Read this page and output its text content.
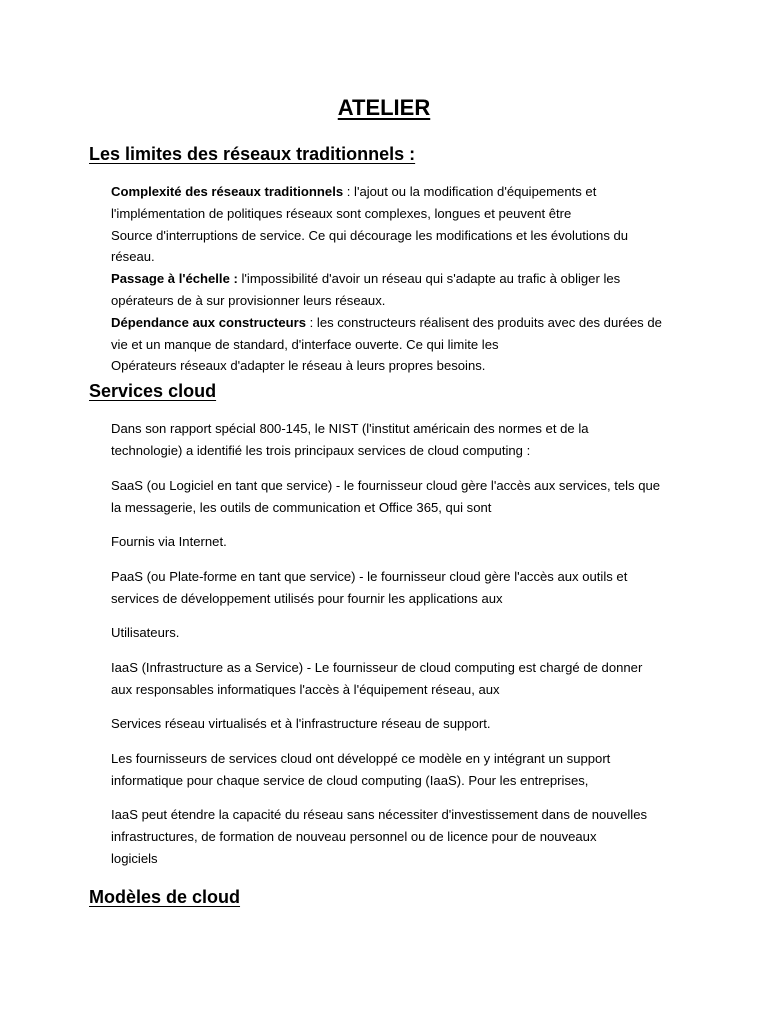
ATELIER
Les limites des réseaux traditionnels :
Complexité des réseaux traditionnels : l'ajout ou la modification d'équipements et
l'implémentation de politiques réseaux sont complexes, longues et peuvent être
Source d'interruptions de service. Ce qui décourage les modifications et les évolutions du
réseau.
Passage à l'échelle : l'impossibilité d'avoir un réseau qui s'adapte au trafic à obliger les
opérateurs de à sur provisionner leurs réseaux.
Dépendance aux constructeurs : les constructeurs réalisent des produits avec des durées de
vie et un manque de standard, d'interface ouverte. Ce qui limite les
Opérateurs réseaux d'adapter le réseau à leurs propres besoins.
Services cloud
Dans son rapport spécial 800-145, le NIST (l'institut américain des normes et de la
technologie) a identifié les trois principaux services de cloud computing :
SaaS (ou Logiciel en tant que service) - le fournisseur cloud gère l'accès aux services, tels que
la messagerie, les outils de communication et Office 365, qui sont
Fournis via Internet.
PaaS (ou Plate-forme en tant que service) - le fournisseur cloud gère l'accès aux outils et
services de développement utilisés pour fournir les applications aux
Utilisateurs.
IaaS (Infrastructure as a Service) - Le fournisseur de cloud computing est chargé de donner
aux responsables informatiques l'accès à l'équipement réseau, aux
Services réseau virtualisés et à l'infrastructure réseau de support.
Les fournisseurs de services cloud ont développé ce modèle en y intégrant un support
informatique pour chaque service de cloud computing (IaaS). Pour les entreprises,
IaaS peut étendre la capacité du réseau sans nécessiter d'investissement dans de nouvelles
infrastructures, de formation de nouveau personnel ou de licence pour de nouveaux
logiciels
Modèles de cloud
